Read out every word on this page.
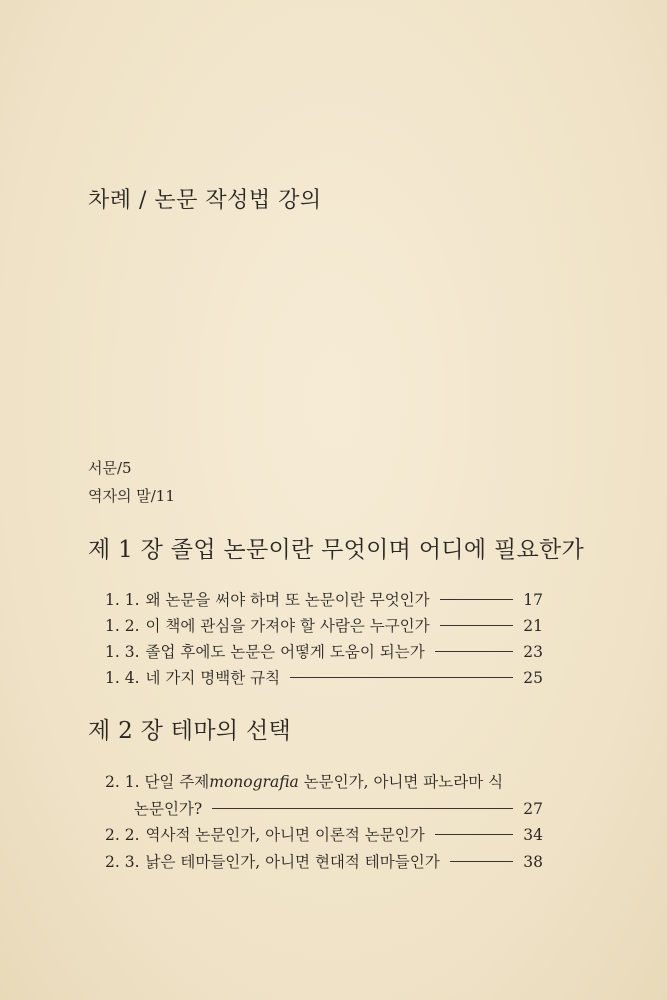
차례 / 논문 작성법 강의
서문/5
역자의 말/11
제 1 장 졸업 논문이란 무엇이며 어디에 필요한가
1. 1. 왜 논문을 써야 하며 또 논문이란 무엇인가	17
1. 2. 이 책에 관심을 가져야 할 사람은 누구인가	21
1. 3. 졸업 후에도 논문은 어떻게 도움이 되는가	23
1. 4. 네 가지 명백한 규칙	25
제 2 장 테마의 선택
2. 1. 단일 주제monografia 논문인가, 아니면 파노라마 식
논문인가?	27
2. 2. 역사적 논문인가, 아니면 이론적 논문인가	34
2. 3. 낡은 테마들인가, 아니면 현대적 테마들인가	38
